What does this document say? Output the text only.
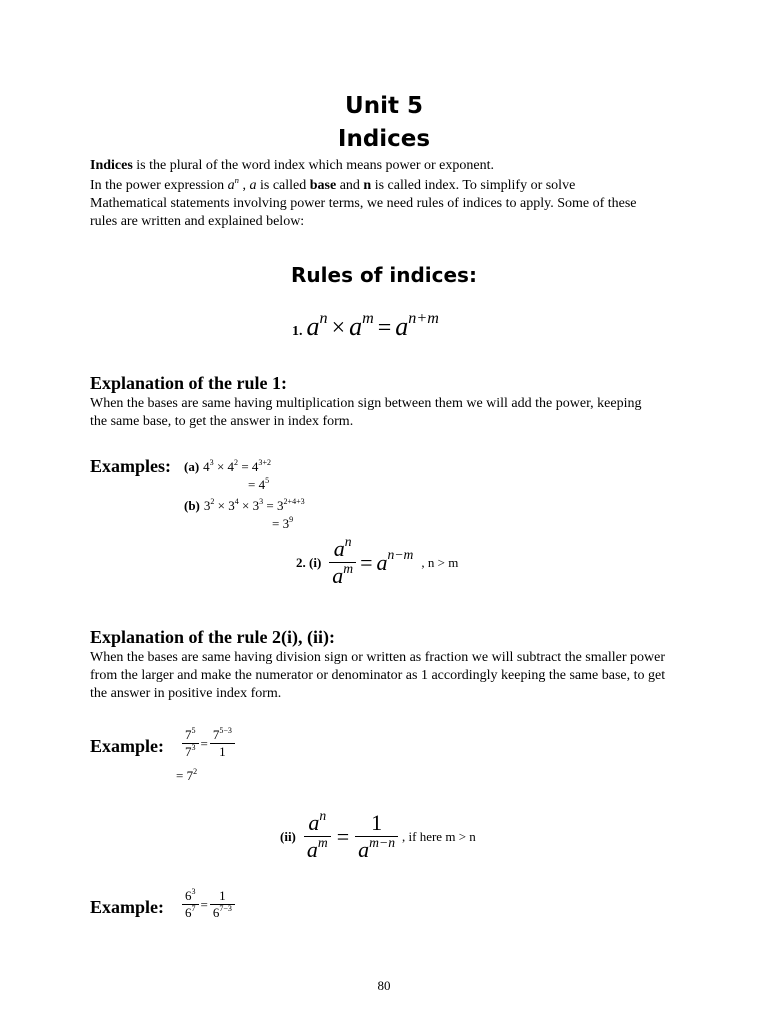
Unit 5
Indices
Indices is the plural of the word index which means power or exponent.
In the power expression $a^n$ , a is called base and n is called index. To simplify or solve Mathematical statements involving power terms, we need rules of indices to apply. Some of these rules are written and explained below:
Rules of indices:
1. $a^n \times a^m = a^{n+m}$
Explanation of the rule 1:
When the bases are same having multiplication sign between them we will add the power, keeping the same base, to get the answer in index form.
Examples: (a) $4^3 \times 4^2 = 4^{3+2}$
= $4^5$
(b) $3^2 \times 3^4 \times 3^3 = 3^{2+4+3}$
= $3^9$
2. $(i) \frac{a^n}{a^m} = a^{n-m}$ , n > m
Explanation of the rule 2(i), (ii):
When the bases are same having division sign or written as fraction we will subtract the smaller power from the larger and make the numerator or denominator as 1 accordingly keeping the same base, to get the answer in positive index form.
Example: $\frac{7^5}{7^3} = \frac{7^{5-3}}{1}$
= $7^2$
$(ii) \frac{a^n}{a^m} = \frac{1}{a^{m-n}}$ , if here m > n
Example: $\frac{6^3}{6^7} = \frac{1}{6^{7-3}}$
80
